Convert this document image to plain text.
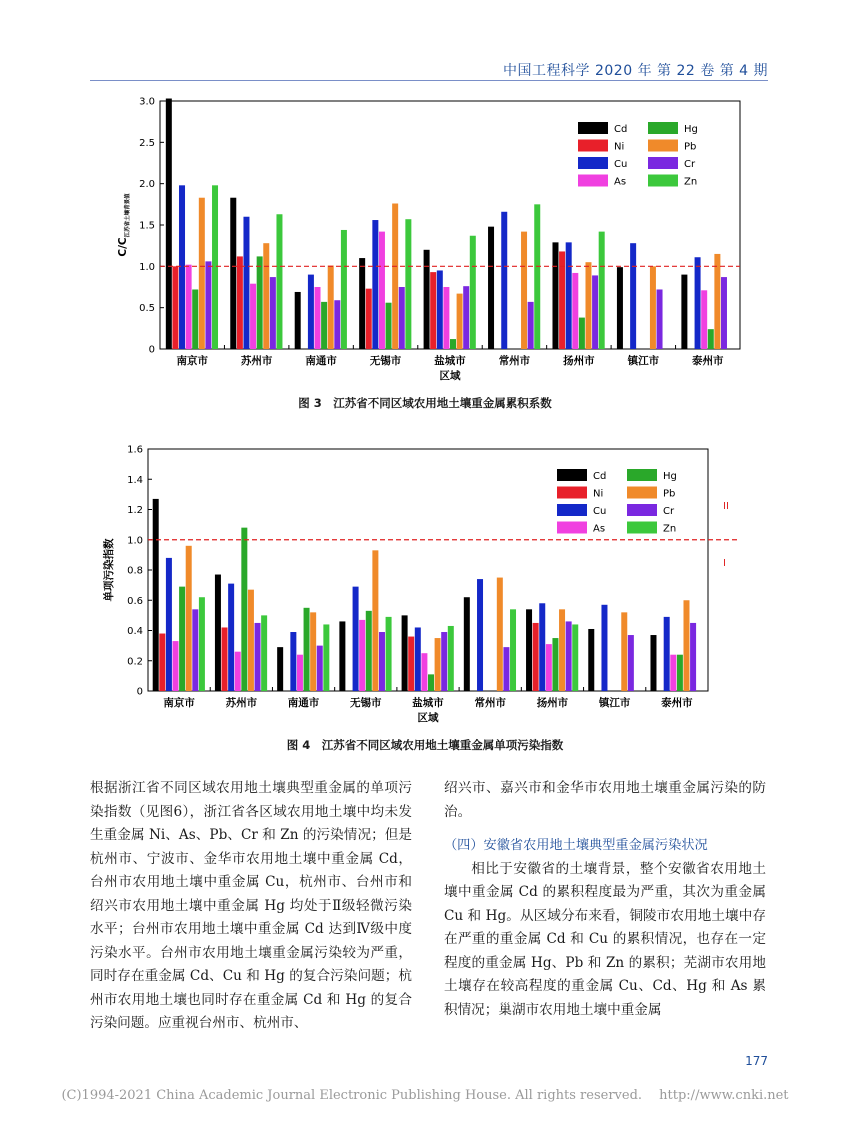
中国工程科学 2020 年 第 22 卷 第 4 期
0
0.5
1.0
1.5
2.0
2.5
3.0
南京市	苏州市	南通市	无锡市	盐城市	常州市	扬州市	镇江市	泰州市
区域
$C/C_{江苏省土壤背景值}$
Cd
Ni
Cu
As
Hg
Pb
Cr
Zn
图 3　江苏省不同区域农用地土壤重金属累积系数
0
0.2
0.4
0.6
0.8
1.0
1.2
1.4
1.6
南京市	苏州市	南通市	无锡市	盐城市	常州市	扬州市	镇江市	泰州市
区域
单项污染指数
Cd
Ni
Cu
As
Hg
Pb
Cr
Zn
II
I
图 4　江苏省不同区域农用地土壤重金属单项污染指数

根据浙江省不同区域农用地土壤典型重金属的单项污染指数（见图6），浙江省各区域农用地土壤中均未发生重金属 Ni、As、Pb、Cr 和 Zn 的污染情况；但是杭州市、宁波市、金华市农用地土壤中重金属 Cd，台州市农用地土壤中重金属 Cu，杭州市、台州市和绍兴市农用地土壤中重金属 Hg 均处于Ⅱ级轻微污染水平；台州市农用地土壤中重金属 Cd 达到Ⅳ级中度污染水平。台州市农用地土壤重金属污染较为严重，同时存在重金属 Cd、Cu 和 Hg 的复合污染问题；杭州市农用地土壤也同时存在重金属 Cd 和 Hg 的复合污染问题。应重视台州市、杭州市、

绍兴市、嘉兴市和金华市农用地土壤重金属污染的防治。

（四）安徽省农用地土壤典型重金属污染状况

相比于安徽省的土壤背景，整个安徽省农用地土壤中重金属 Cd 的累积程度最为严重，其次为重金属 Cu 和 Hg。从区域分布来看，铜陵市农用地土壤中存在严重的重金属 Cd 和 Cu 的累积情况，也存在一定程度的重金属 Hg、Pb 和 Zn 的累积；芜湖市农用地土壤存在较高程度的重金属 Cu、Cd、Hg 和 As 累积情况；巢湖市农用地土壤中重金属

177
(C)1994-2021 China Academic Journal Electronic Publishing House. All rights reserved.　 http://www.cnki.net
